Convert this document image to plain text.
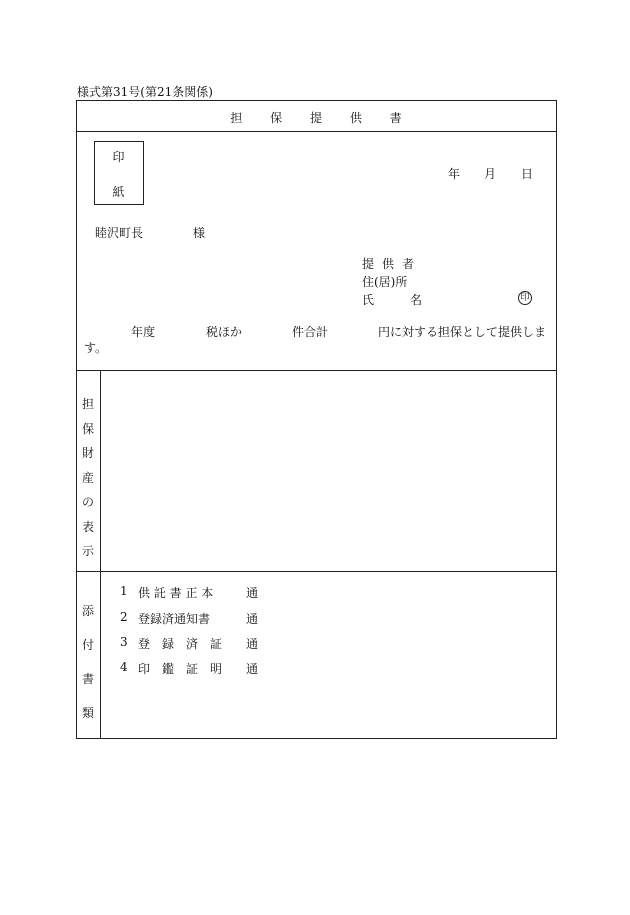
様式第31号(第21条関係)
担 保 提 供 書
印
紙
年 月 日
睦沢町長	様
提供者
住(居)所
氏	名	印
年度	税ほか	件合計	円に対する担保として提供しま
す。
担
保
財
産
の
表
示
添
付
書
類
1 供 託 書 正 本	通
2 登録済通知書	通
3 登　録　済　証 通
4 印　鑑　証　明 通
